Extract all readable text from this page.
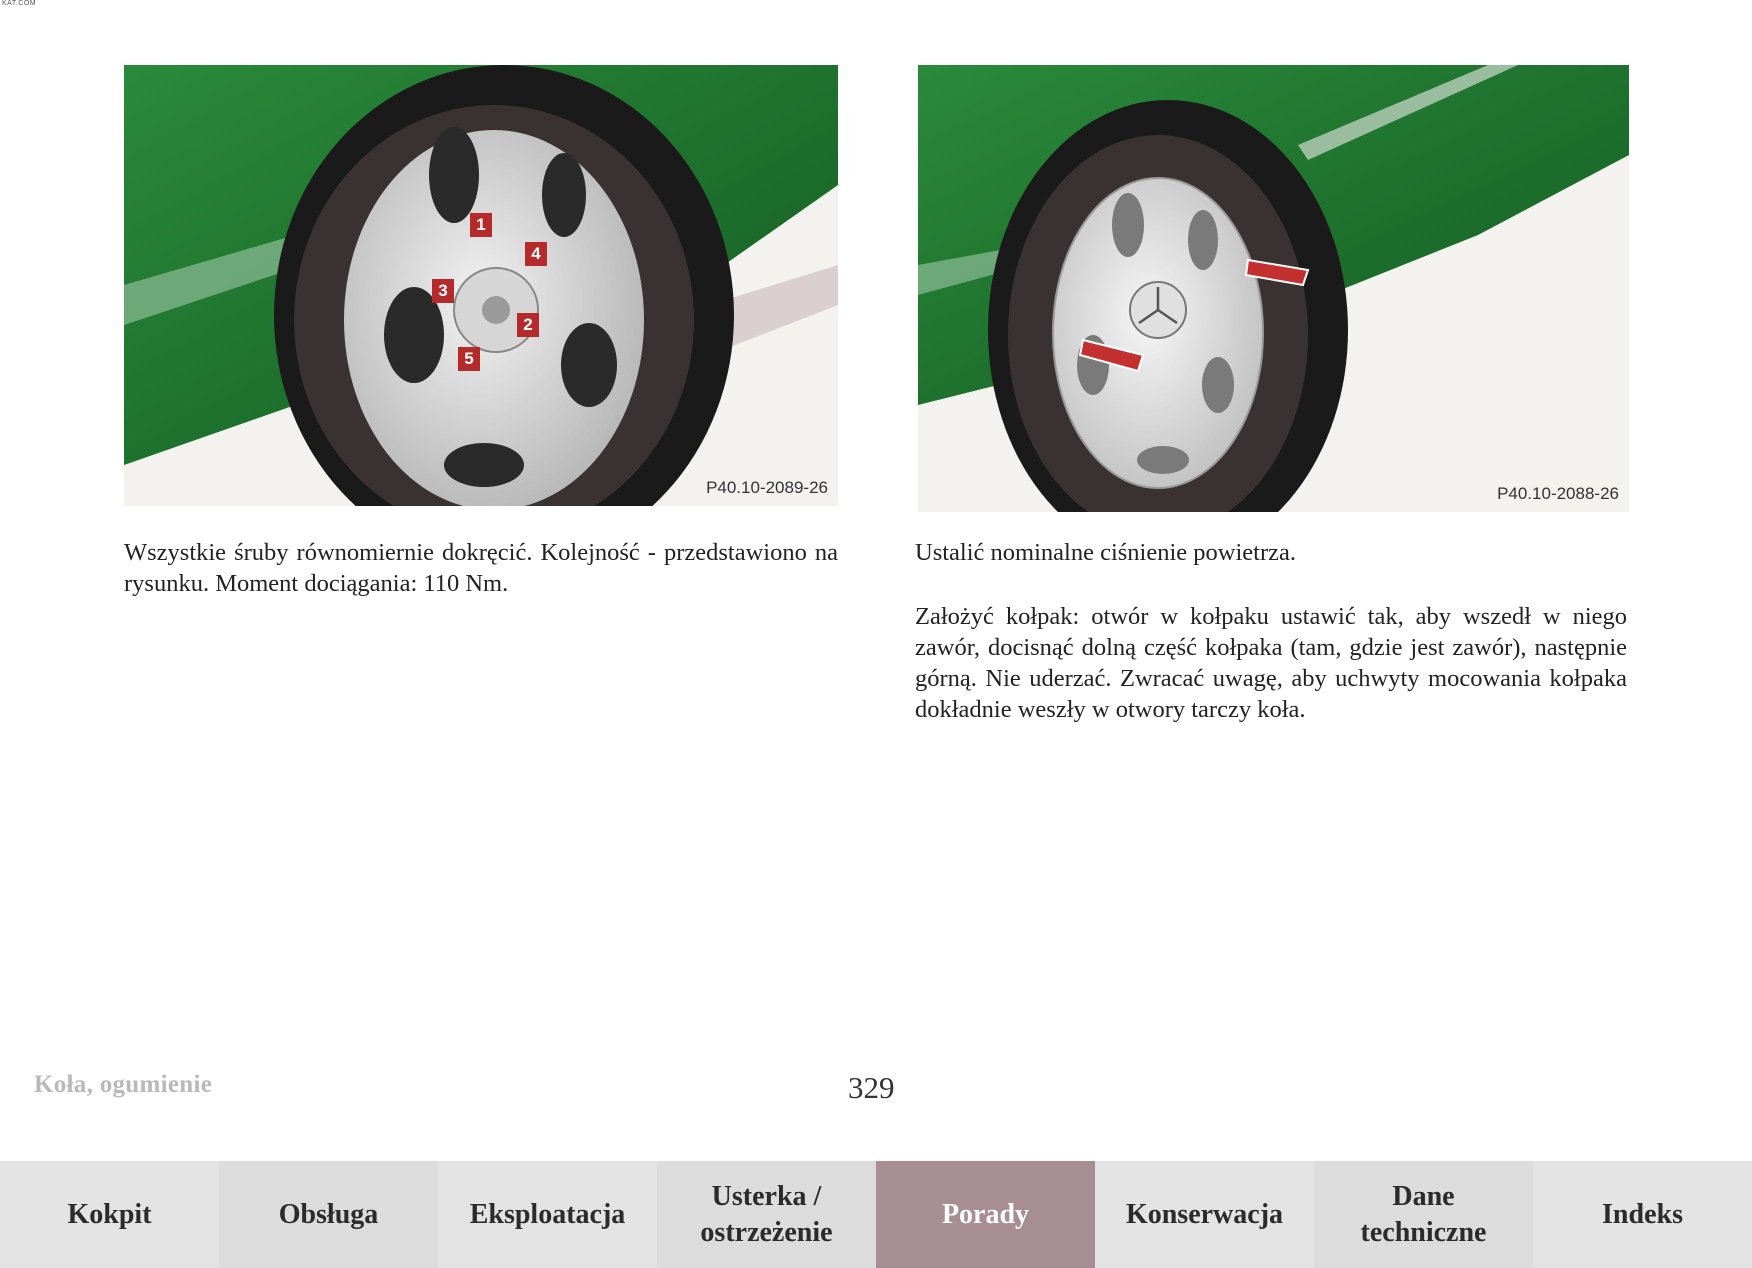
KAT.COM
1
2
3
4
5
P40.10-2089-26	P40.10-2088-26
Wszystkie śruby równomiernie dokręcić. Kolejność - przedstawiono na rysunku. Moment dociągania: 110 Nm.
Ustalić nominalne ciśnienie powietrza.
Założyć kołpak: otwór w kołpaku ustawić tak, aby wszedł w niego zawór, docisnąć dolną część kołpaka (tam, gdzie jest zawór), następnie górną. Nie uderzać. Zwracać uwagę, aby uchwyty mocowania kołpaka dokładnie weszły w otwory tarczy koła.
Koła, ogumienie	329
Kokpit	Obsługa	Eksploatacja
Usterka /
ostrzeżenie
Porady	Konserwacja
Dane
techniczne
Indeks
